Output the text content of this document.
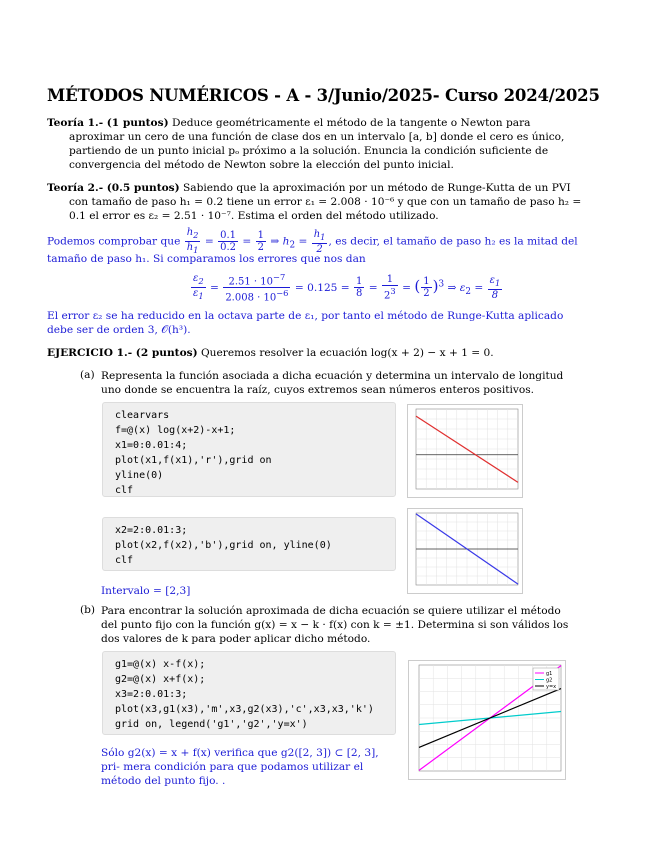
MÉTODOS NUMÉRICOS - A - 3/Junio/2025- Curso 2024/2025
Teoría 1.- (1 puntos) Deduce geométricamente el método de la tangente o Newton para aproximar un cero de una función de clase dos en un intervalo [a, b] donde el cero es único, partiendo de un punto inicial pₒ próximo a la solución. Enuncia la condición suficiente de convergencia del método de Newton sobre la elección del punto inicial.
Teoría 2.- (0.5 puntos) Sabiendo que la aproximación por un método de Runge-Kutta de un PVI con tamaño de paso h₁ = 0.2 tiene un error ε₁ = 2.008 · 10⁻⁶ y que con un tamaño de paso h₂ = 0.1 el error es ε₂ = 2.51 · 10⁻⁷. Estima el orden del método utilizado.
Podemos comprobar que $\frac{h_2}{h_1} = \frac{0.1}{0.2} = \frac{1}{2}$ ⇒ $h_2 = \frac{h_1}{2}$ , es decir, el tamaño de paso h₂ es la mitad del
tamaño de paso h₁. Si comparamos los errores que nos dan
$\frac{\varepsilon_2}{\varepsilon_1} = \frac{2.51 \cdot 10^{-7}}{2.008 \cdot 10^{-6}} = 0.125 = \frac{1}{8} = \frac{1}{2^3}$ = ( $\frac{1}{2} )^3$ ⇒ $\varepsilon_2 = \frac{\varepsilon_1}{8}$
El error ε₂ se ha reducido en la octava parte de ε₁, por tanto el método de Runge-Kutta aplicado debe ser de orden 3, 𝒪(h³).
EJERCICIO 1.- (2 puntos) Queremos resolver la ecuación log(x + 2) − x + 1 = 0.
(a) Representa la función asociada a dicha ecuación y determina un intervalo de longitud uno donde se encuentra la raíz, cuyos extremos sean números enteros positivos.
clearvars
f=@(x) log(x+2)-x+1;
x1=0:0.01:4;
plot(x1,f(x1),'r'),grid on
yline(0)
clf
x2=2:0.01:3;
plot(x2,f(x2),'b'),grid on, yline(0)
clf
Intervalo = [2,3]
(b) Para encontrar la solución aproximada de dicha ecuación se quiere utilizar el método del punto fijo con la función g(x) = x − k · f(x) con k = ±1. Determina si son válidos los dos valores de k para poder aplicar dicho método.
g1=@(x) x-f(x);
g2=@(x) x+f(x);
x3=2:0.01:3;
plot(x3,g1(x3),'m',x3,g2(x3),'c',x3,x3,'k')
grid on, legend('g1','g2','y=x')
g1
g2
y=x
Sólo g2(x) = x + f(x) verifica que g2([2, 3]) ⊂ [2, 3], pri- mera condición para que podamos utilizar el método del punto fijo. .
